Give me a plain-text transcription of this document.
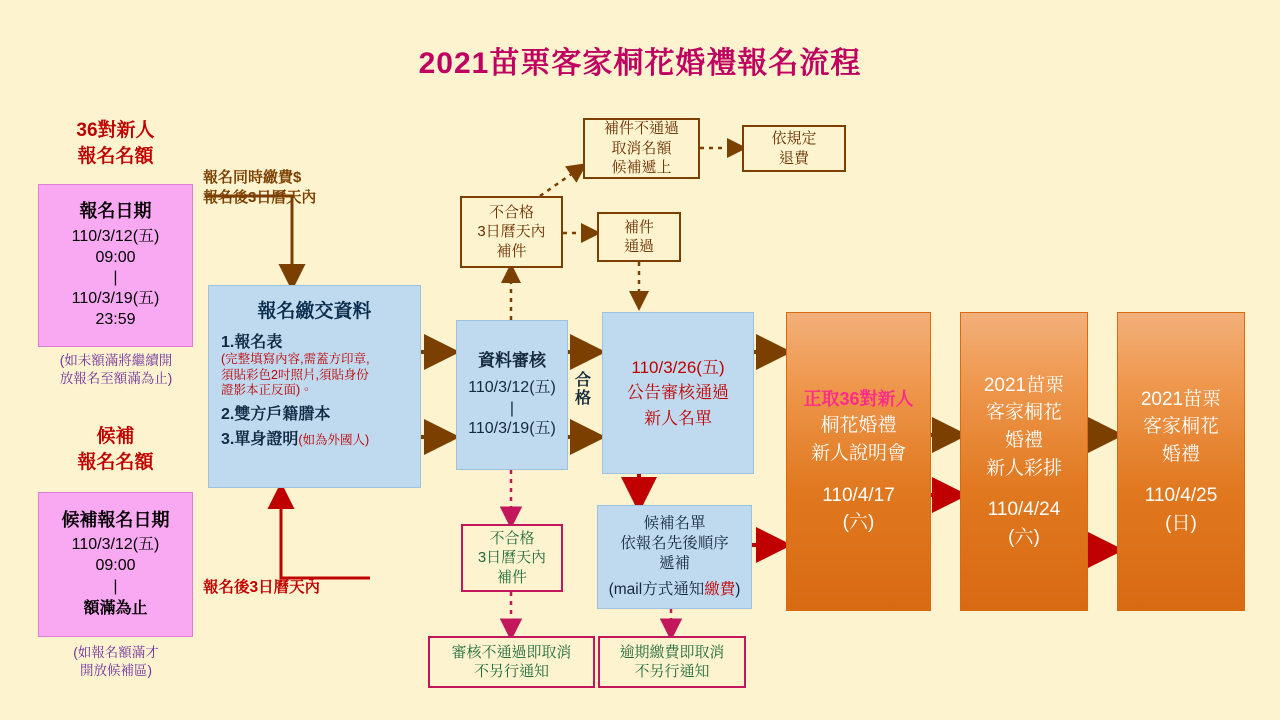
2021苗栗客家桐花婚禮報名流程
36對新人
報名名額
報名日期
110/3/12(五)
09:00
|
110/3/19(五)
23:59
(如未額滿將繼續開
放報名至額滿為止)
候補
報名名額
候補報名日期
110/3/12(五)
09:00
|
額滿為止
(如報名額滿才
開放候補區)
報名同時繳費$
報名後3日曆天內
報名後3日曆天內
報名繳交資料
1.報名表
(完整填寫內容,需蓋方印章,
須貼彩色2吋照片,須貼身份
證影本正反面)。
2.雙方戶籍謄本
3.單身證明(如為外國人)
資料審核
110/3/12(五)
|
110/3/19(五)
合
格
不合格
3日曆天內
補件
補件
通過
補件不通過
取消名額
候補遞上
依規定
退費
110/3/26(五)
公告審核通過
新人名單
不合格
3日曆天內
補件
審核不通過即取消
不另行通知
候補名單
依報名先後順序
遞補
(mail方式通知繳費)
逾期繳費即取消
不另行通知
正取36對新人
桐花婚禮
新人說明會
110/4/17
(六)
2021苗栗
客家桐花
婚禮
新人彩排
110/4/24
(六)
2021苗栗
客家桐花
婚禮
110/4/25
(日)
